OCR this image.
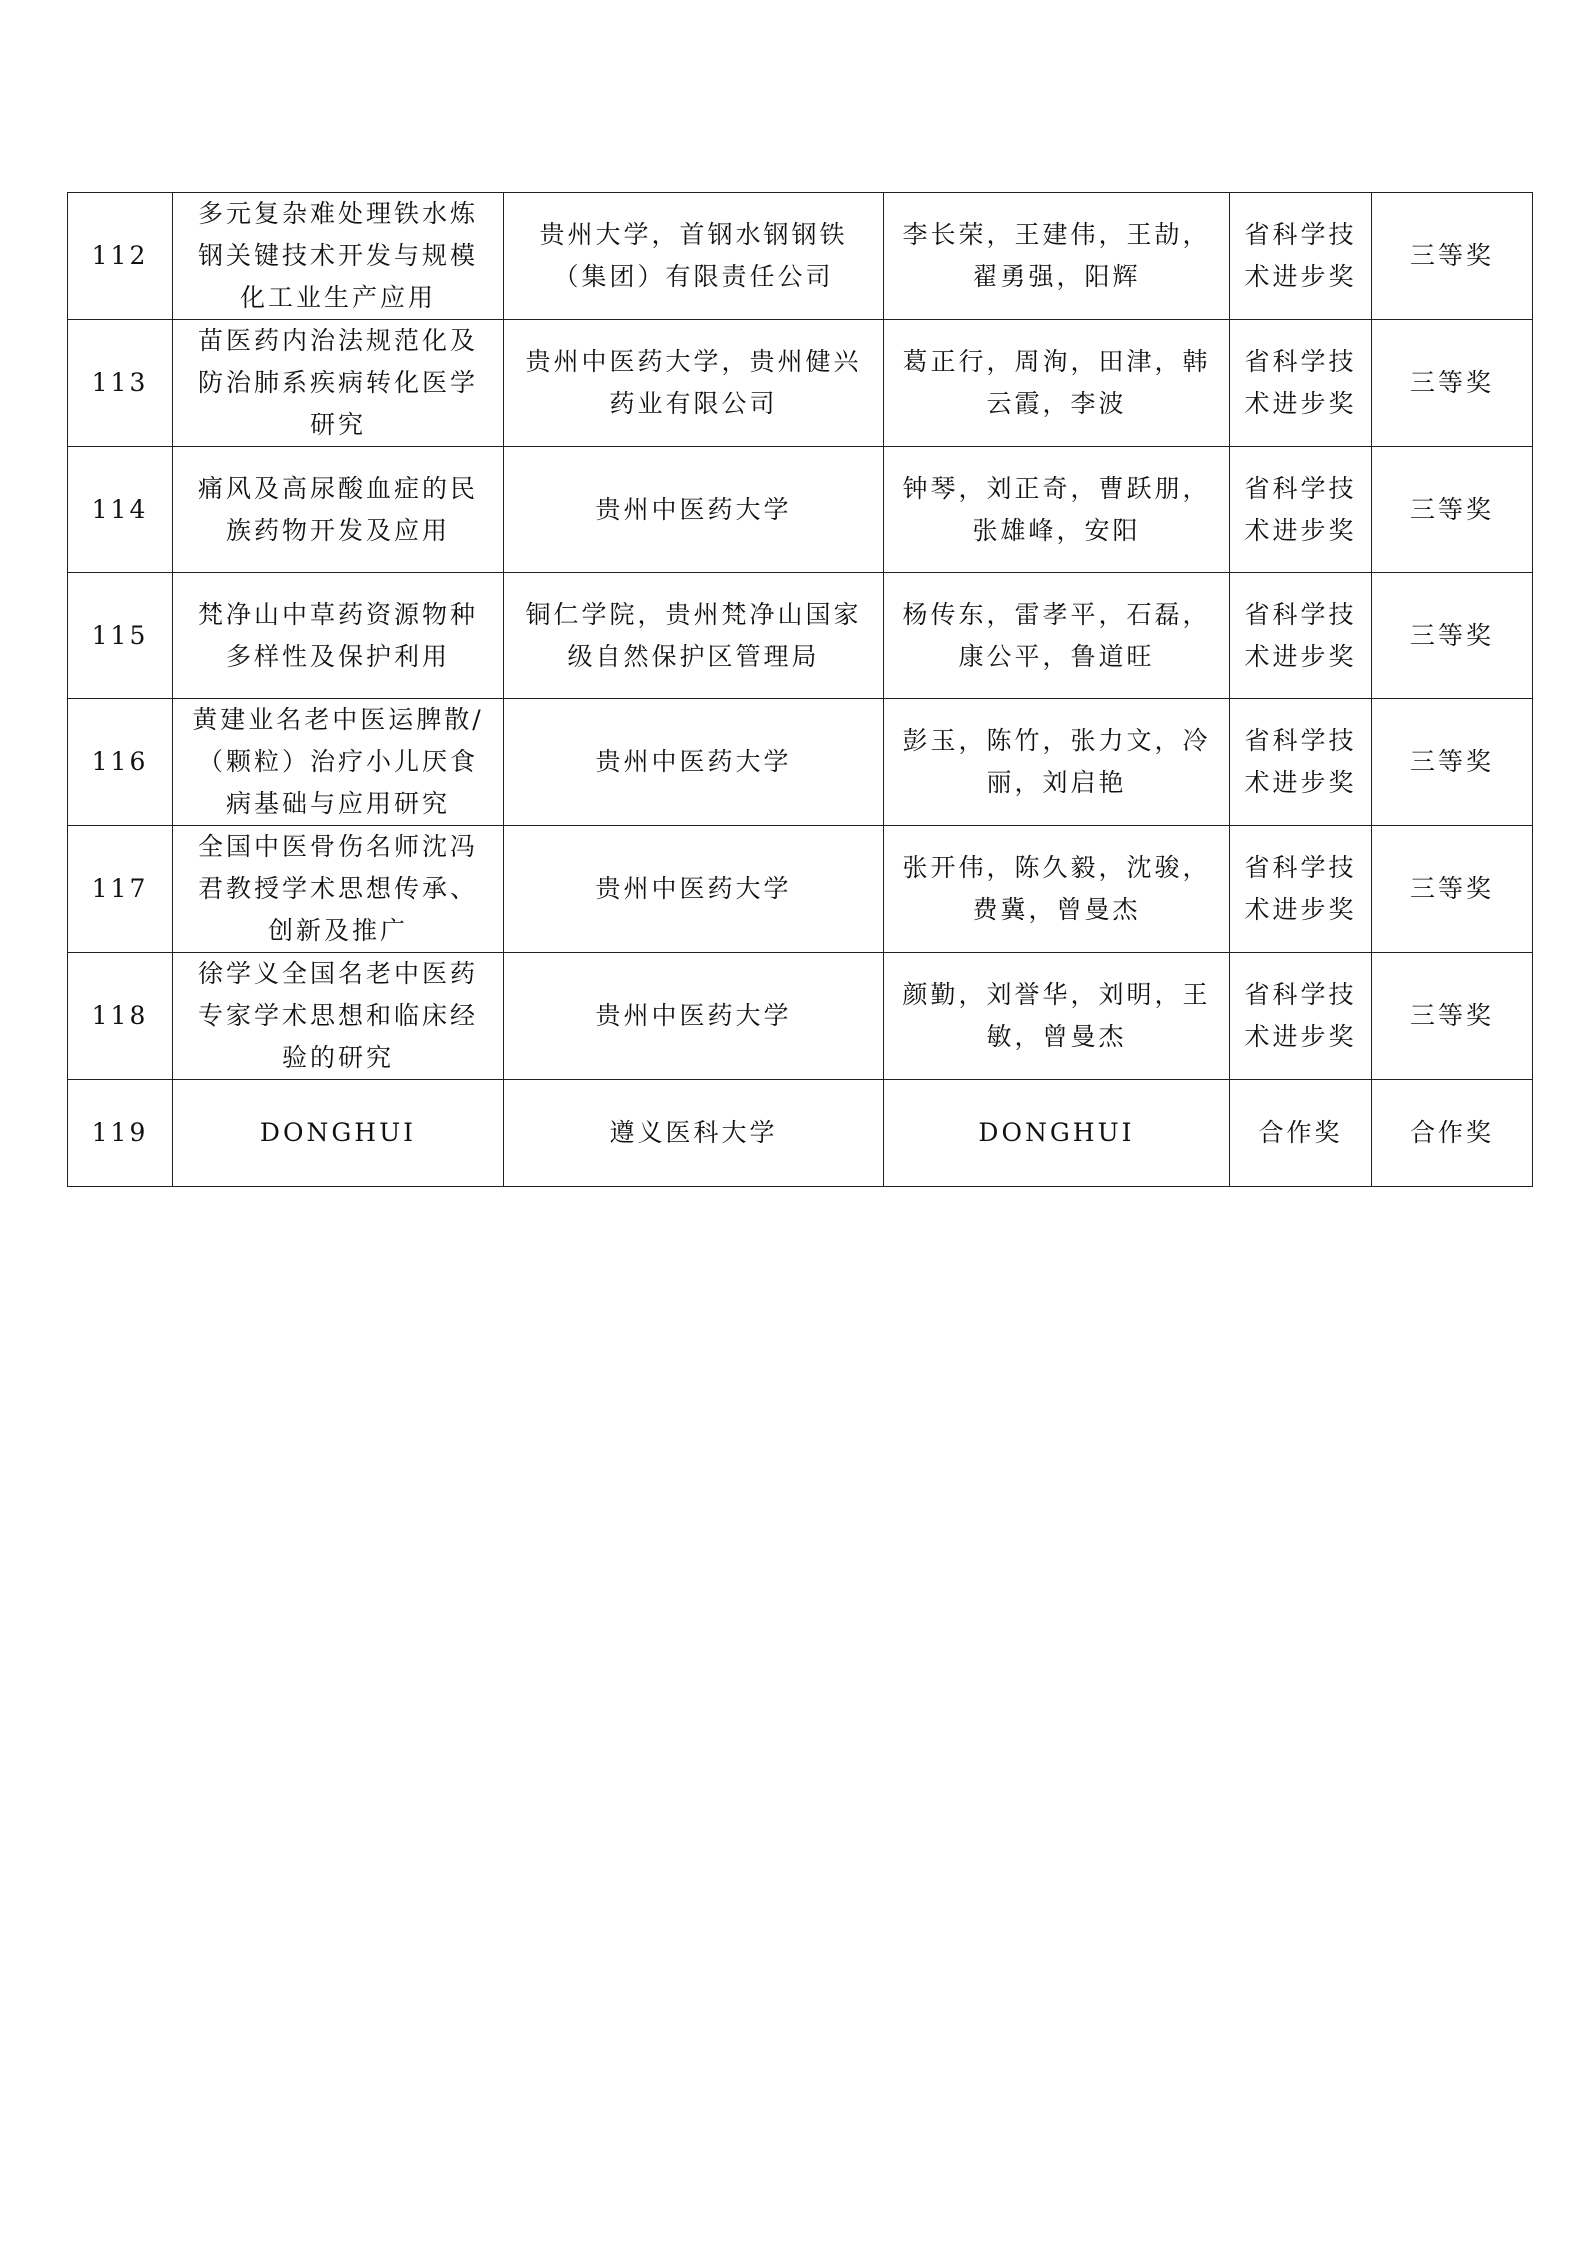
112	多元复杂难处理铁水炼钢关键技术开发与规模化工业生产应用	贵州大学，首钢水钢钢铁（集团）有限责任公司	李长荣，王建伟，王劼，翟勇强，阳辉	省科学技术进步奖	三等奖
113	苗医药内治法规范化及防治肺系疾病转化医学研究	贵州中医药大学，贵州健兴药业有限公司	葛正行，周洵，田津，韩云霞，李波	省科学技术进步奖	三等奖
114	痛风及高尿酸血症的民族药物开发及应用	贵州中医药大学	钟琴，刘正奇，曹跃朋，张雄峰，安阳	省科学技术进步奖	三等奖
115	梵净山中草药资源物种多样性及保护利用	铜仁学院，贵州梵净山国家级自然保护区管理局	杨传东，雷孝平，石磊，康公平，鲁道旺	省科学技术进步奖	三等奖
116	黄建业名老中医运脾散/（颗粒）治疗小儿厌食病基础与应用研究	贵州中医药大学	彭玉，陈竹，张力文，冷丽，刘启艳	省科学技术进步奖	三等奖
117	全国中医骨伤名师沈冯君教授学术思想传承、创新及推广	贵州中医药大学	张开伟，陈久毅，沈骏，费冀，曾曼杰	省科学技术进步奖	三等奖
118	徐学义全国名老中医药专家学术思想和临床经验的研究	贵州中医药大学	颜勤，刘誉华，刘明，王敏，曾曼杰	省科学技术进步奖	三等奖
119	DONGHUI	遵义医科大学	DONGHUI	合作奖	合作奖
